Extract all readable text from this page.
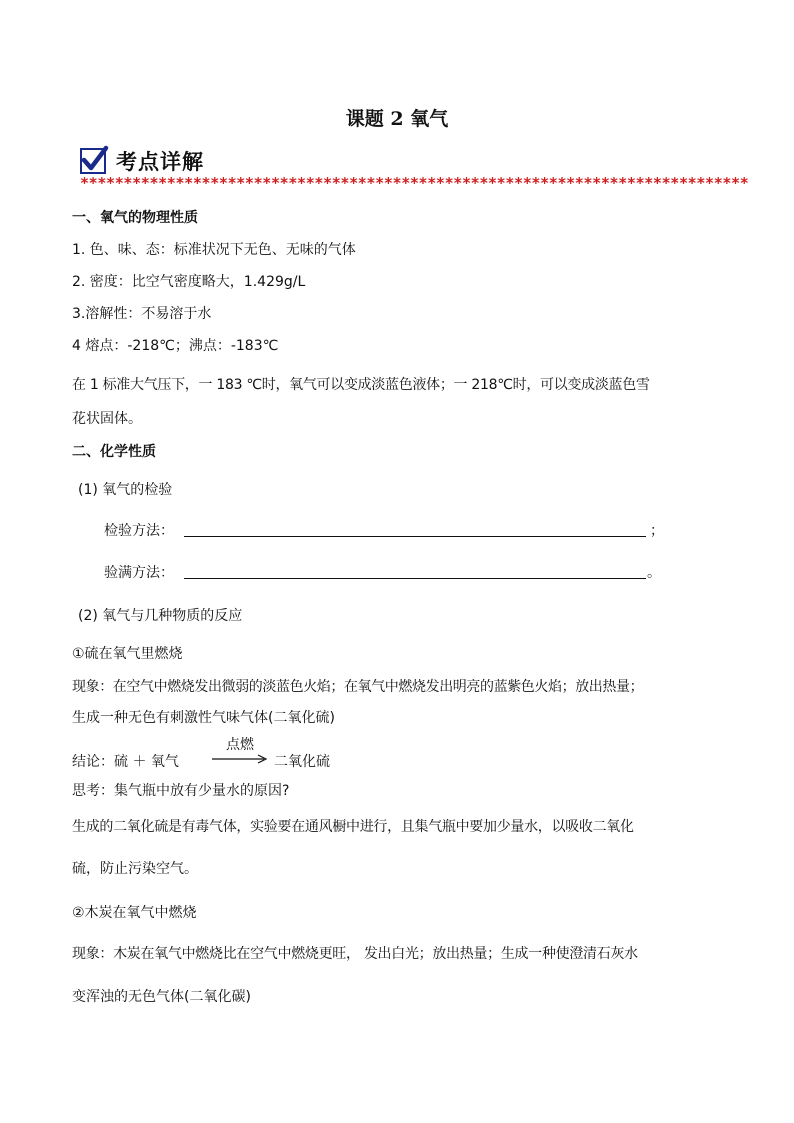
课题 2 氧气
考点详解
*****************************************************************************
一、氧气的物理性质
1. 色、味、态：标准状况下无色、无味的气体
2. 密度：比空气密度略大，1.429g/L
3.溶解性：不易溶于水
4 熔点：-218℃；沸点：-183℃
在 1 标准大气压下，一 183 ℃时，氧气可以变成淡蓝色液体；一 218℃时，可以变成淡蓝色雪
花状固体。
二、化学性质
(1) 氧气的检验
检验方法：	；
验满方法：	。
(2) 氧气与几种物质的反应
①硫在氧气里燃烧
现象：在空气中燃烧发出微弱的淡蓝色火焰；在氧气中燃烧发出明亮的蓝紫色火焰；放出热量；
生成一种无色有刺激性气味气体(二氧化硫)
结论：硫 ＋ 氧气
点燃
二氧化硫
思考：集气瓶中放有少量水的原因?
生成的二氧化硫是有毒气体，实验要在通风橱中进行，且集气瓶中要加少量水，以吸收二氧化
硫，防止污染空气。
②木炭在氧气中燃烧
现象：木炭在氧气中燃烧比在空气中燃烧更旺， 发出白光；放出热量；生成一种使澄清石灰水
变浑浊的无色气体(二氧化碳)
